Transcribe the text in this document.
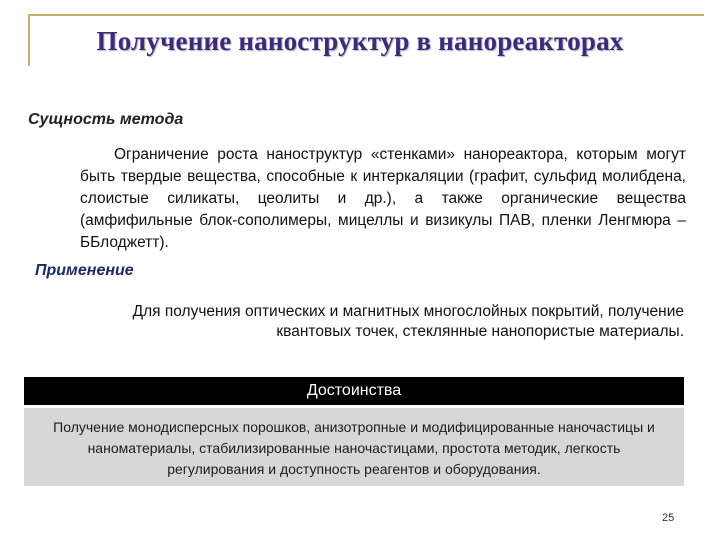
Получение наноструктур в нанореакторах
Сущность метода
Ограничение роста наноструктур «стенками» нанореактора, которым могут быть твердые вещества, способные к интеркаляции (графит, сульфид молибдена, слоистые силикаты, цеолиты и др.), а также органические вещества (амфифильные блок-сополимеры, мицеллы и визикулы ПАВ, пленки Ленгмюра – ББлоджетт).
Применение
Для получения оптических и магнитных многослойных покрытий, получение квантовых точек, стеклянные нанопористые материалы.
Достоинства
Получение монодисперсных порошков, анизотропные и модифицированные наночастицы и наноматериалы, стабилизированные наночастицами, простота методик, легкость регулирования и доступность реагентов и оборудования.
25
